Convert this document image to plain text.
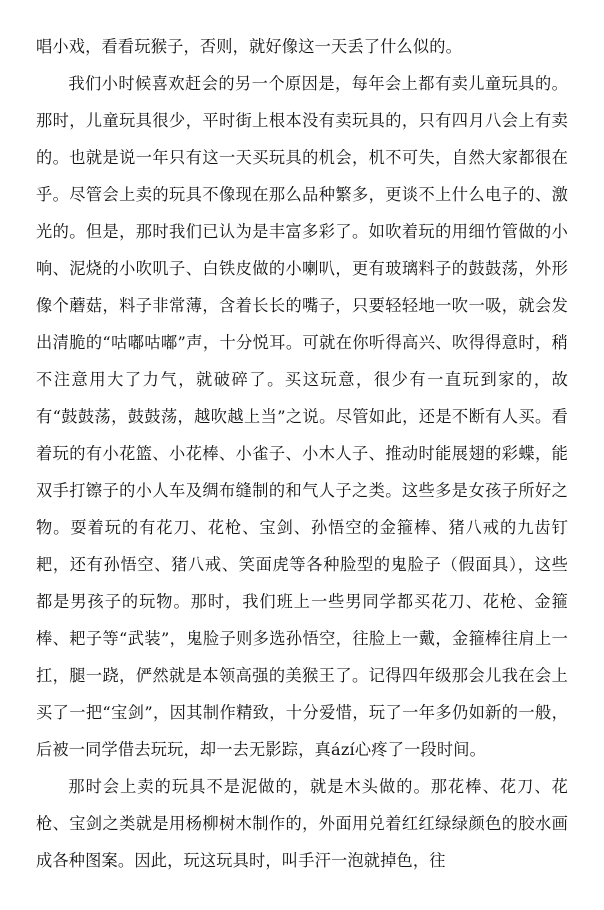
唱小戏，看看玩猴子，否则，就好像这一天丢了什么似的。

我们小时候喜欢赶会的另一个原因是，每年会上都有卖儿童玩具的。那时，儿童玩具很少，平时街上根本没有卖玩具的，只有四月八会上有卖的。也就是说一年只有这一天买玩具的机会，机不可失，自然大家都很在乎。尽管会上卖的玩具不像现在那么品种繁多，更谈不上什么电子的、激光的。但是，那时我们已认为是丰富多彩了。如吹着玩的用细竹管做的小响、泥烧的小吹叽子、白铁皮做的小喇叭，更有玻璃料子的鼓鼓荡，外形像个蘑菇，料子非常薄，含着长长的嘴子，只要轻轻地一吹一吸，就会发出清脆的“咕嘟咕嘟”声，十分悦耳。可就在你听得高兴、吹得得意时，稍不注意用大了力气，就破碎了。买这玩意，很少有一直玩到家的，故有“鼓鼓荡，鼓鼓荡，越吹越上当”之说。尽管如此，还是不断有人买。看着玩的有小花篮、小花棒、小雀子、小木人子、推动时能展翅的彩蝶，能双手打镲子的小人车及绸布缝制的和气人子之类。这些多是女孩子所好之物。耍着玩的有花刀、花枪、宝剑、孙悟空的金箍棒、猪八戒的九齿钉耙，还有孙悟空、猪八戒、笑面虎等各种脸型的鬼脸子（假面具），这些都是男孩子的玩物。那时，我们班上一些男同学都买花刀、花枪、金箍棒、耙子等“武装”，鬼脸子则多选孙悟空，往脸上一戴，金箍棒往肩上一扛，腿一跷，俨然就是本领高强的美猴王了。记得四年级那会儿我在会上买了一把“宝剑”，因其制作精致，十分爱惜，玩了一年多仍如新的一般，后被一同学借去玩玩，却一去无影踪，真ází心疼了一段时间。

那时会上卖的玩具不是泥做的，就是木头做的。那花棒、花刀、花枪、宝剑之类就是用杨柳树木制作的，外面用兑着红红绿绿颜色的胶水画成各种图案。因此，玩这玩具时，叫手汗一泡就掉色，往
